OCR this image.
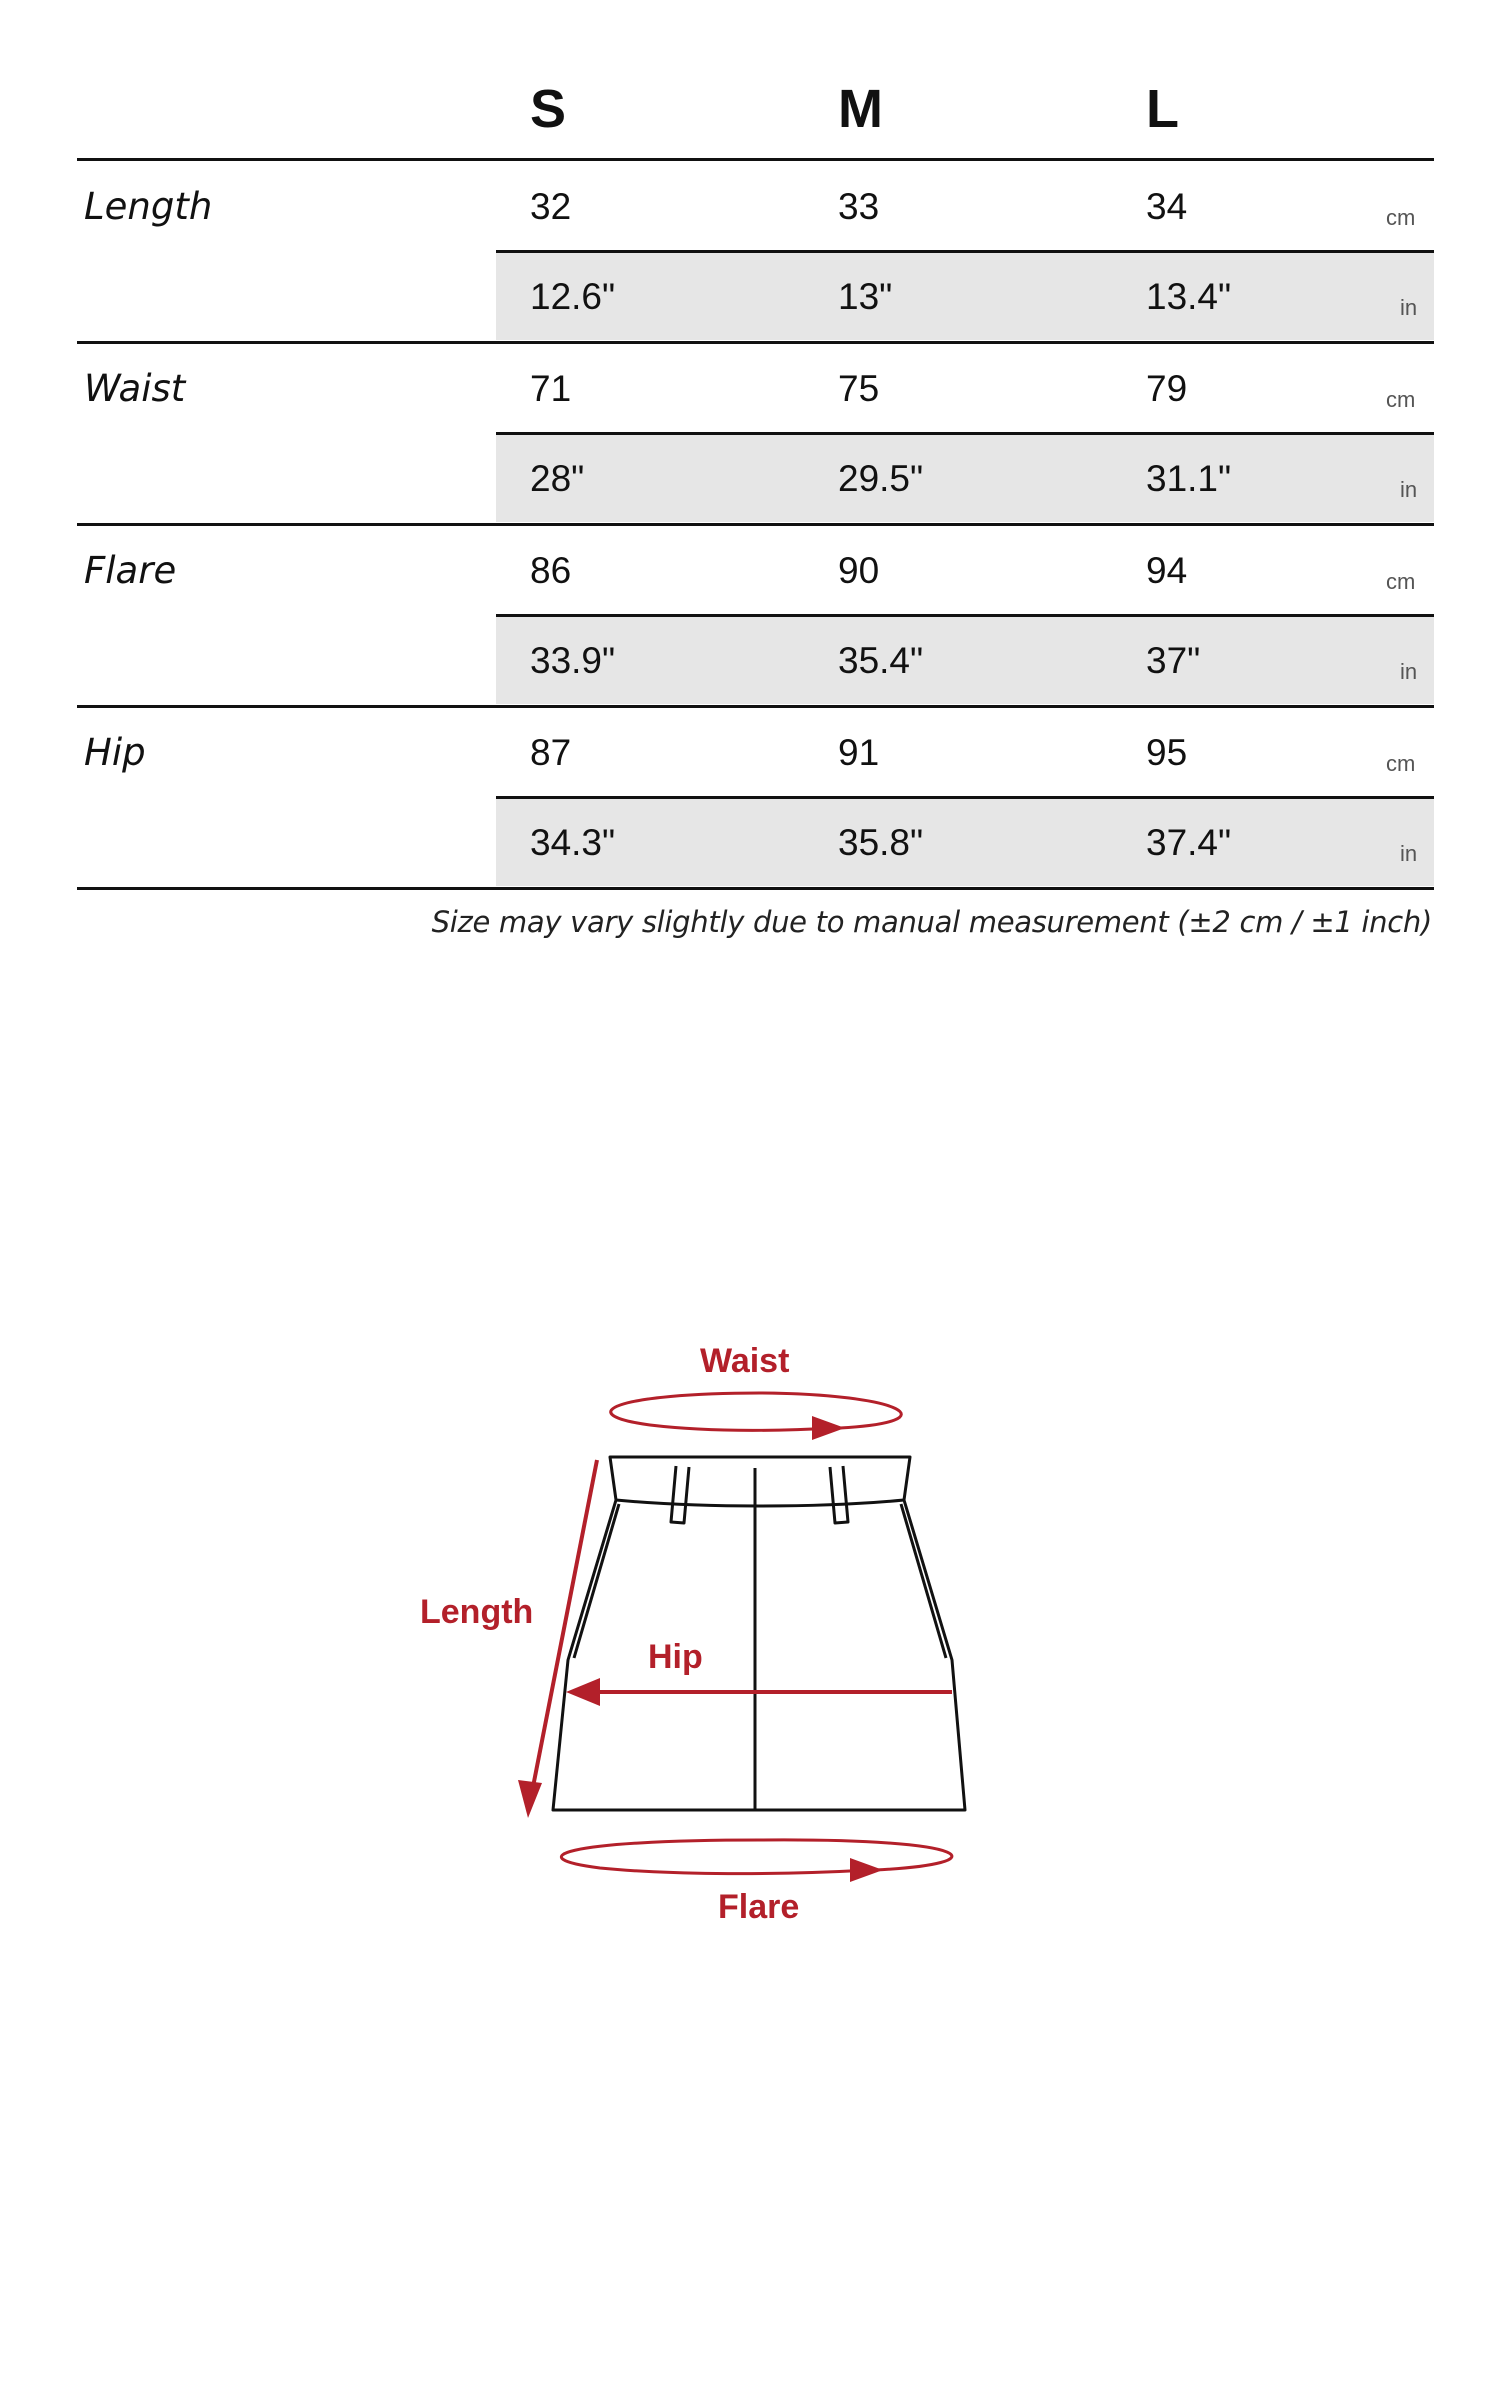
S	M	L
Length	32	33	34	cm
12.6"	13"	13.4"	in
Waist	71	75	79	cm
28"	29.5"	31.1"	in
Flare	86	90	94	cm
33.9"	35.4"	37"	in
Hip	87	91	95	cm
34.3"	35.8"	37.4"	in
Size may vary slightly due to manual measurement (±2 cm / ±1 inch)
Waist
Length
Hip
Flare
